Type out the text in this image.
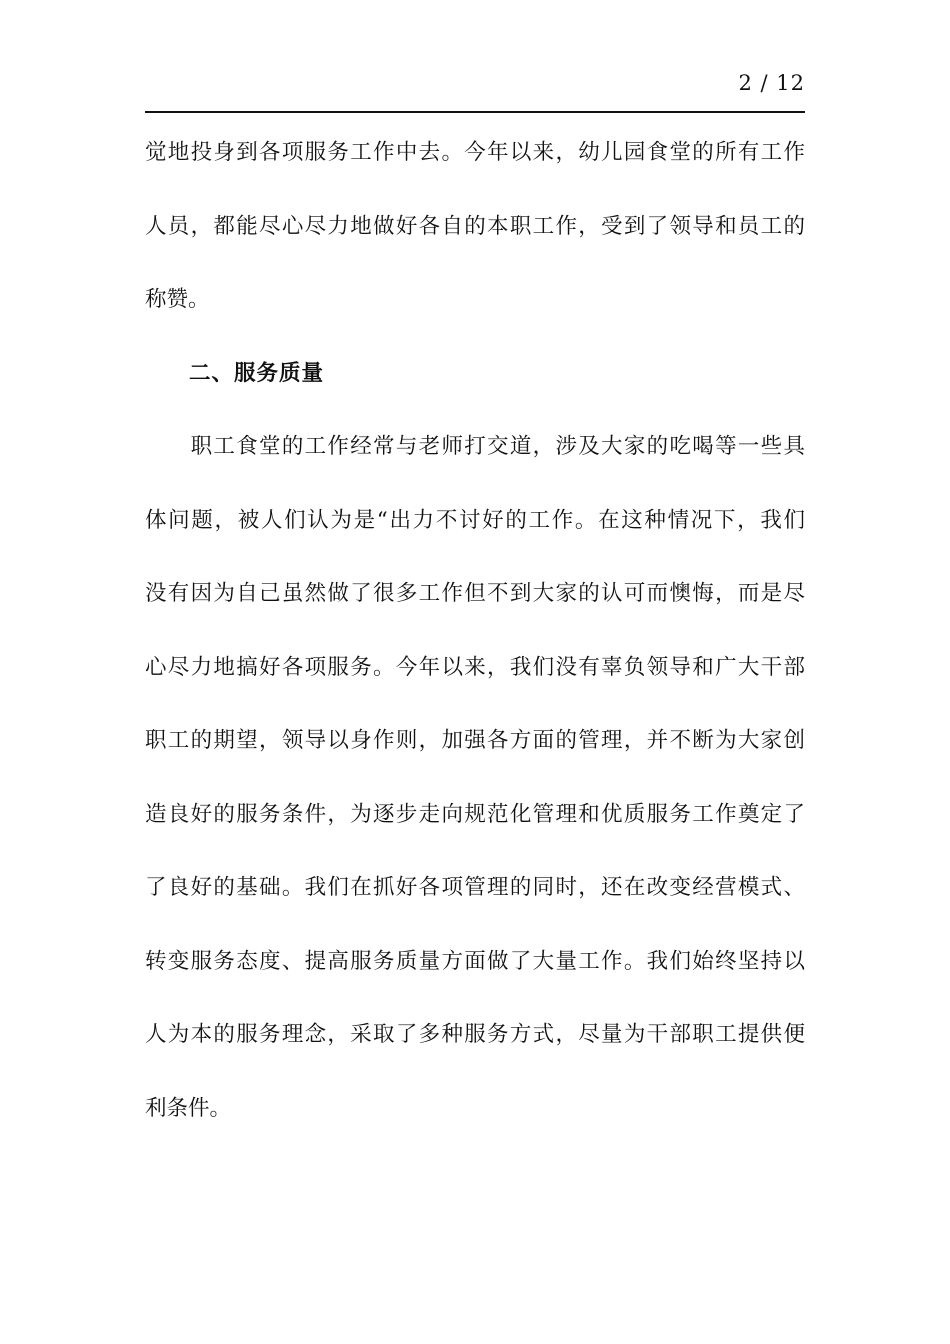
2 / 12
觉地投身到各项服务工作中去。今年以来，幼儿园食堂的所有工作
人员，都能尽心尽力地做好各自的本职工作，受到了领导和员工的
称赞。
二、服务质量
　　职工食堂的工作经常与老师打交道，涉及大家的吃喝等一些具
体问题，被人们认为是“出力不讨好的工作。在这种情况下，我们
没有因为自己虽然做了很多工作但不到大家的认可而懊悔，而是尽
心尽力地搞好各项服务。今年以来，我们没有辜负领导和广大干部
职工的期望，领导以身作则，加强各方面的管理，并不断为大家创
造良好的服务条件，为逐步走向规范化管理和优质服务工作奠定了
了良好的基础。我们在抓好各项管理的同时，还在改变经营模式、
转变服务态度、提高服务质量方面做了大量工作。我们始终坚持以
人为本的服务理念，采取了多种服务方式，尽量为干部职工提供便
利条件。
